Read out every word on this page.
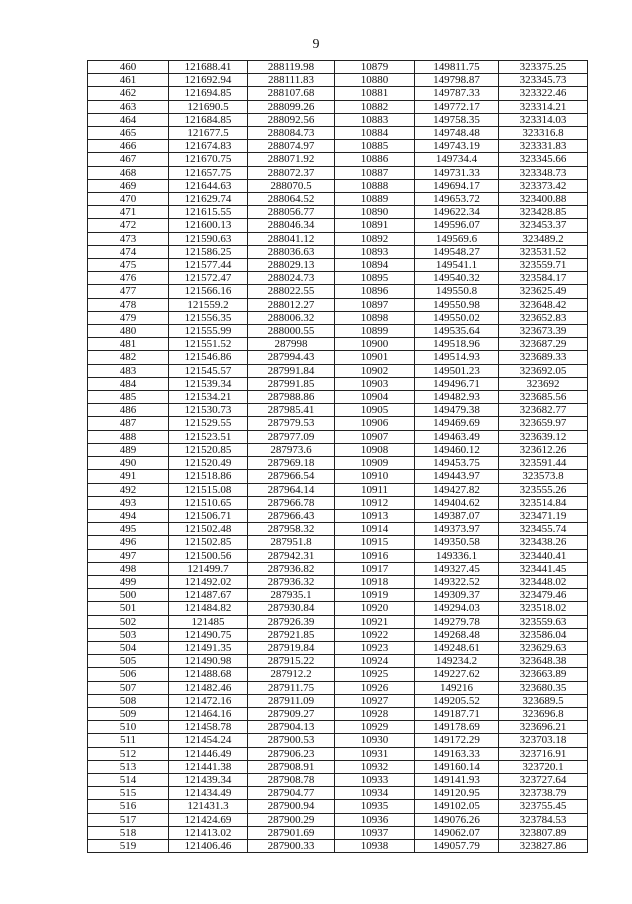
9
460	121688.41	288119.98	10879	149811.75	323375.25
461	121692.94	288111.83	10880	149798.87	323345.73
462	121694.85	288107.68	10881	149787.33	323322.46
463	121690.5	288099.26	10882	149772.17	323314.21
464	121684.85	288092.56	10883	149758.35	323314.03
465	121677.5	288084.73	10884	149748.48	323316.8
466	121674.83	288074.97	10885	149743.19	323331.83
467	121670.75	288071.92	10886	149734.4	323345.66
468	121657.75	288072.37	10887	149731.33	323348.73
469	121644.63	288070.5	10888	149694.17	323373.42
470	121629.74	288064.52	10889	149653.72	323400.88
471	121615.55	288056.77	10890	149622.34	323428.85
472	121600.13	288046.34	10891	149596.07	323453.37
473	121590.63	288041.12	10892	149569.6	323489.2
474	121586.25	288036.63	10893	149548.27	323531.52
475	121577.44	288029.13	10894	149541.1	323559.71
476	121572.47	288024.73	10895	149540.32	323584.17
477	121566.16	288022.55	10896	149550.8	323625.49
478	121559.2	288012.27	10897	149550.98	323648.42
479	121556.35	288006.32	10898	149550.02	323652.83
480	121555.99	288000.55	10899	149535.64	323673.39
481	121551.52	287998	10900	149518.96	323687.29
482	121546.86	287994.43	10901	149514.93	323689.33
483	121545.57	287991.84	10902	149501.23	323692.05
484	121539.34	287991.85	10903	149496.71	323692
485	121534.21	287988.86	10904	149482.93	323685.56
486	121530.73	287985.41	10905	149479.38	323682.77
487	121529.55	287979.53	10906	149469.69	323659.97
488	121523.51	287977.09	10907	149463.49	323639.12
489	121520.85	287973.6	10908	149460.12	323612.26
490	121520.49	287969.18	10909	149453.75	323591.44
491	121518.86	287966.54	10910	149443.97	323573.8
492	121515.08	287964.14	10911	149427.82	323555.26
493	121510.65	287966.78	10912	149404.62	323514.84
494	121506.71	287966.43	10913	149387.07	323471.19
495	121502.48	287958.32	10914	149373.97	323455.74
496	121502.85	287951.8	10915	149350.58	323438.26
497	121500.56	287942.31	10916	149336.1	323440.41
498	121499.7	287936.82	10917	149327.45	323441.45
499	121492.02	287936.32	10918	149322.52	323448.02
500	121487.67	287935.1	10919	149309.37	323479.46
501	121484.82	287930.84	10920	149294.03	323518.02
502	121485	287926.39	10921	149279.78	323559.63
503	121490.75	287921.85	10922	149268.48	323586.04
504	121491.35	287919.84	10923	149248.61	323629.63
505	121490.98	287915.22	10924	149234.2	323648.38
506	121488.68	287912.2	10925	149227.62	323663.89
507	121482.46	287911.75	10926	149216	323680.35
508	121472.16	287911.09	10927	149205.52	323689.5
509	121464.16	287909.27	10928	149187.71	323696.8
510	121458.78	287904.13	10929	149178.69	323696.21
511	121454.24	287900.53	10930	149172.29	323703.18
512	121446.49	287906.23	10931	149163.33	323716.91
513	121441.38	287908.91	10932	149160.14	323720.1
514	121439.34	287908.78	10933	149141.93	323727.64
515	121434.49	287904.77	10934	149120.95	323738.79
516	121431.3	287900.94	10935	149102.05	323755.45
517	121424.69	287900.29	10936	149076.26	323784.53
518	121413.02	287901.69	10937	149062.07	323807.89
519	121406.46	287900.33	10938	149057.79	323827.86
